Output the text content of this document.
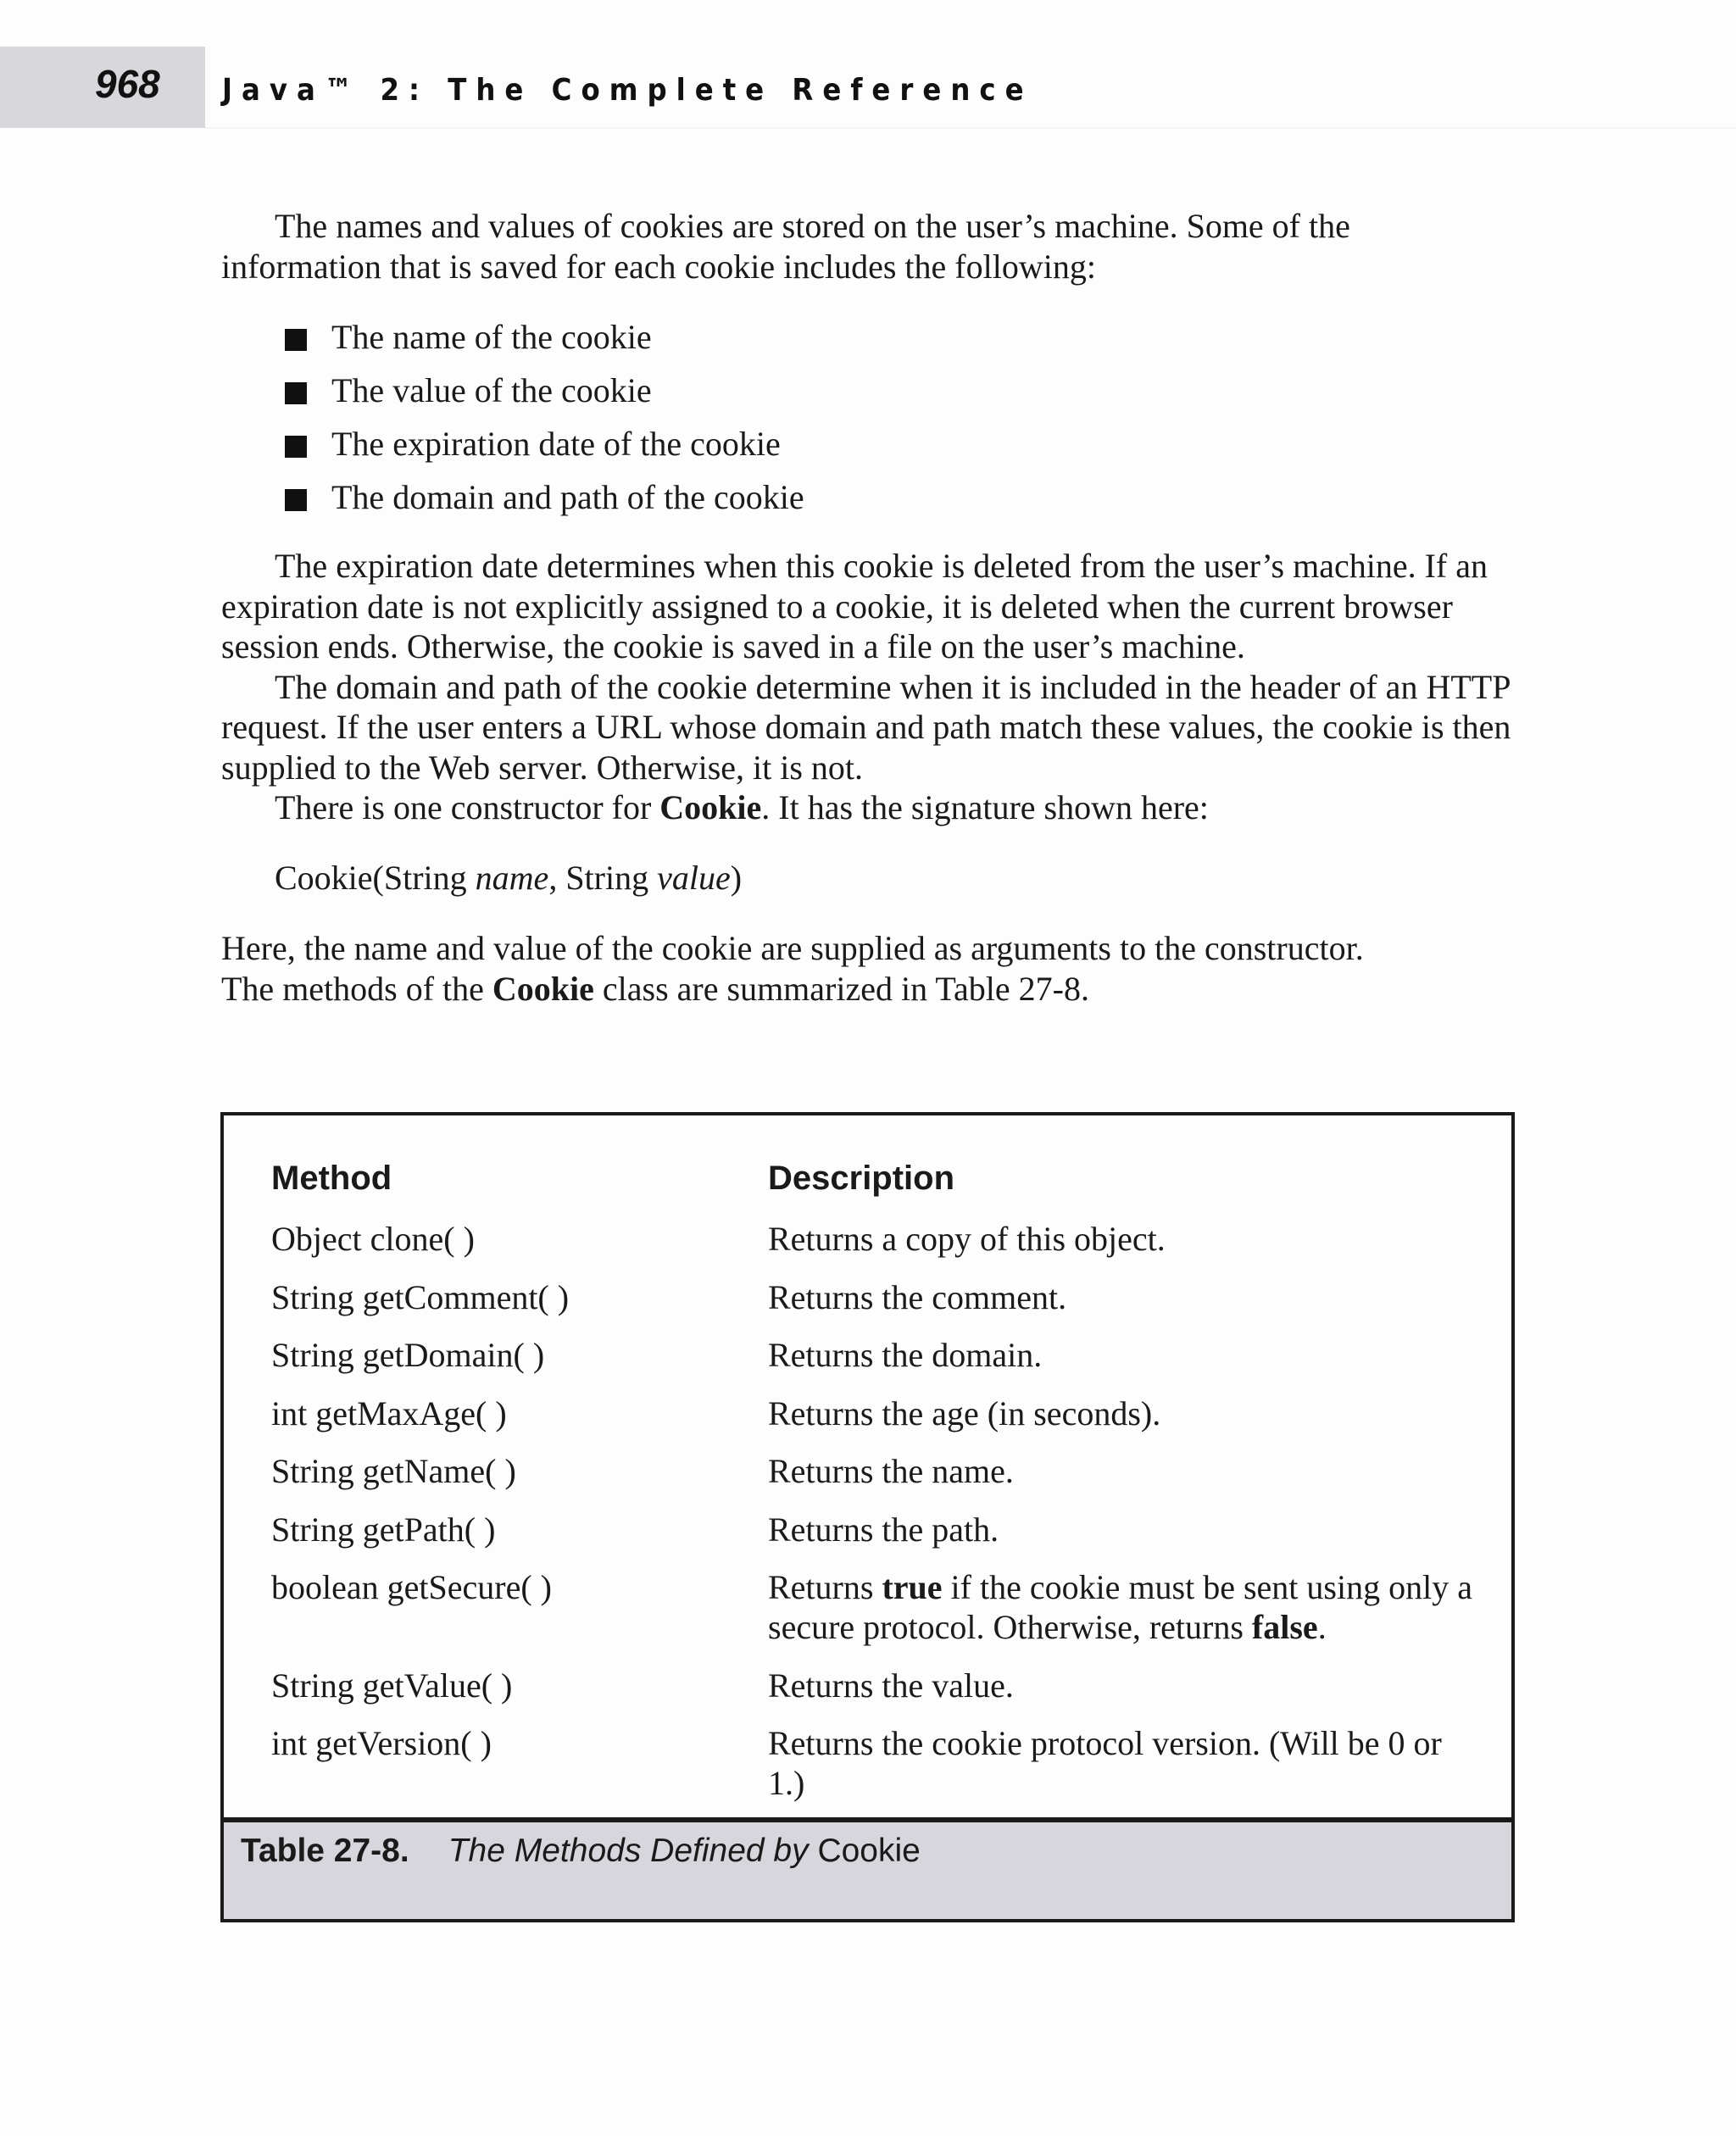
968 Java™ 2: The Complete Reference

The names and values of cookies are stored on the user’s machine. Some of the information that is saved for each cookie includes the following:

The name of the cookie
The value of the cookie
The expiration date of the cookie
The domain and path of the cookie

The expiration date determines when this cookie is deleted from the user’s machine. If an expiration date is not explicitly assigned to a cookie, it is deleted when the current browser session ends. Otherwise, the cookie is saved in a file on the user’s machine.

The domain and path of the cookie determine when it is included in the header of an HTTP request. If the user enters a URL whose domain and path match these values, the cookie is then supplied to the Web server. Otherwise, it is not.

There is one constructor for Cookie. It has the signature shown here:

Cookie(String name, String value)

Here, the name and value of the cookie are supplied as arguments to the constructor.
The methods of the Cookie class are summarized in Table 27-8.

Method	Description
Object clone( )	Returns a copy of this object.
String getComment( )	Returns the comment.
String getDomain( )	Returns the domain.
int getMaxAge( )	Returns the age (in seconds).
String getName( )	Returns the name.
String getPath( )	Returns the path.
boolean getSecure( )	Returns true if the cookie must be sent using only a secure protocol. Otherwise, returns false.
String getValue( )	Returns the value.
int getVersion( )	Returns the cookie protocol version. (Will be 0 or 1.)
Table 27-8. The Methods Defined by Cookie
